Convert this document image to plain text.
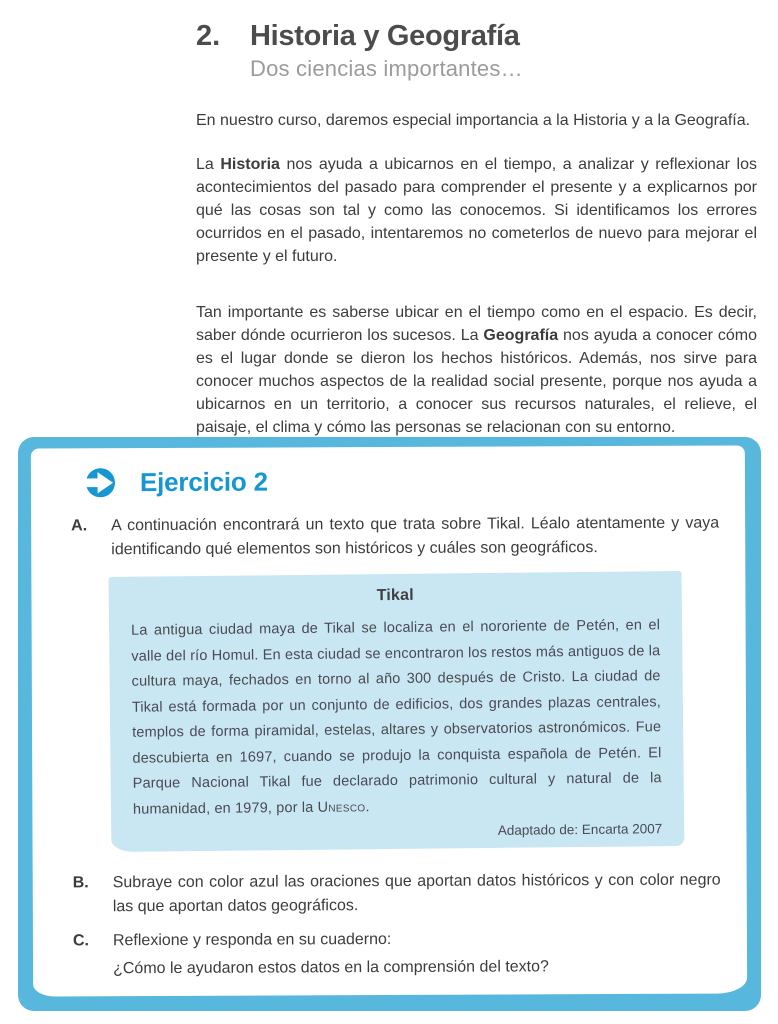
2.	Historia y Geografía
Dos ciencias importantes…

En nuestro curso, daremos especial importancia a la Historia y a la Geografía.

La Historia nos ayuda a ubicarnos en el tiempo, a analizar y reflexionar los acontecimientos del pasado para comprender el presente y a explicarnos por qué las cosas son tal y como las conocemos. Si identificamos los errores ocurridos en el pasado, intentaremos no cometerlos de nuevo para mejorar el presente y el futuro.

Tan importante es saberse ubicar en el tiempo como en el espacio. Es decir, saber dónde ocurrieron los sucesos. La Geografía nos ayuda a conocer cómo es el lugar donde se dieron los hechos históricos. Además, nos sirve para conocer muchos aspectos de la realidad social presente, porque nos ayuda a ubicarnos en un territorio, a conocer sus recursos naturales, el relieve, el paisaje, el clima y cómo las personas se relacionan con su entorno.

Ejercicio 2
A.	A continuación encontrará un texto que trata sobre Tikal. Léalo atentamente y vaya identificando qué elementos son históricos y cuáles son geográficos.
Tikal
La antigua ciudad maya de Tikal se localiza en el nororiente de Petén, en el valle del río Homul. En esta ciudad se encontraron los restos más antiguos de la cultura maya, fechados en torno al año 300 después de Cristo. La ciudad de Tikal está formada por un conjunto de edificios, dos grandes plazas centrales, templos de forma piramidal, estelas, altares y observatorios astronómicos. Fue descubierta en 1697, cuando se produjo la conquista española de Petén. El Parque Nacional Tikal fue declarado patrimonio cultural y natural de la humanidad, en 1979, por la Unesco.
Adaptado de: Encarta 2007
B.	Subraye con color azul las oraciones que aportan datos históricos y con color negro las que aportan datos geográficos.
C.	Reflexione y responda en su cuaderno:
¿Cómo le ayudaron estos datos en la comprensión del texto?
